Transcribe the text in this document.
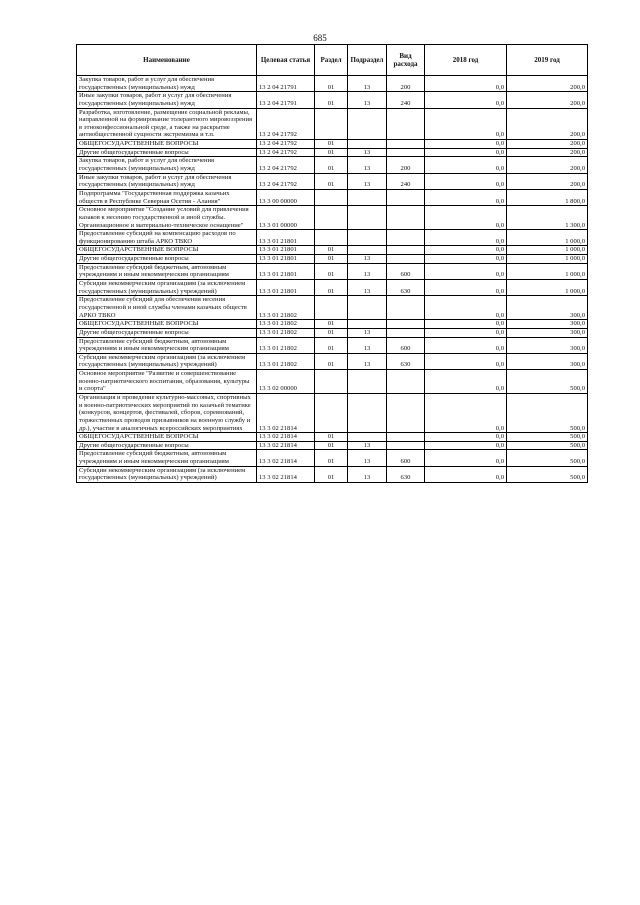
685
Наименование	Целевая статья	Раздел	Подраздел	Вид расхода	2018 год	2019 год
Закупка товаров, работ и услуг для обеспечения государственных (муниципальных) нужд	13 2 04 21791	01	13	200	0,0	200,0
Иные закупки товаров, работ и услуг для обеспечения государственных (муниципальных) нужд	13 2 04 21791	01	13	240	0,0	200,0
Разработка, изготовление, размещение социальной рекламы, направленной на формирование толерантного мировоззрения в этноконфессиональной среде, а также на раскрытие антиобщественной сущности экстремизма и т.п.	13 2 04 21792				0,0	200,0
ОБЩЕГОСУДАРСТВЕННЫЕ ВОПРОСЫ	13 2 04 21792	01			0,0	200,0
Другие общегосударственные вопросы	13 2 04 21792	01	13		0,0	200,0
Закупка товаров, работ и услуг для обеспечения государственных (муниципальных) нужд	13 2 04 21792	01	13	200	0,0	200,0
Иные закупки товаров, работ и услуг для обеспечения государственных (муниципальных) нужд	13 2 04 21792	01	13	240	0,0	200,0
Подпрограмма "Государственная поддержка казачьих обществ в Республике Северная Осетия - Алания"	13 3 00 00000				0,0	1 800,0
Основное мероприятие "Создание условий для привлечения казаков к несению государственной и иной службы. Организационное и материально-техническое оснащение"	13 3 01 00000				0,0	1 300,0
Предоставление субсидий на компенсацию расходов по функционированию штаба АРКО ТВКО	13 3 01 21801				0,0	1 000,0
ОБЩЕГОСУДАРСТВЕННЫЕ ВОПРОСЫ	13 3 01 21801	01			0,0	1 000,0
Другие общегосударственные вопросы	13 3 01 21801	01	13		0,0	1 000,0
Предоставление субсидий бюджетным, автономным учреждениям и иным некоммерческим организациям	13 3 01 21801	01	13	600	0,0	1 000,0
Субсидии некоммерческим организациям (за исключением государственных (муниципальных) учреждений)	13 3 01 21801	01	13	630	0,0	1 000,0
Предоставление субсидий для обеспечения несения государственной и иной службы членами казачьих обществ АРКО ТВКО	13 3 01 21802				0,0	300,0
ОБЩЕГОСУДАРСТВЕННЫЕ ВОПРОСЫ	13 3 01 21802	01			0,0	300,0
Другие общегосударственные вопросы	13 3 01 21802	01	13		0,0	300,0
Предоставление субсидий бюджетным, автономным учреждениям и иным некоммерческим организациям	13 3 01 21802	01	13	600	0,0	300,0
Субсидии некоммерческим организациям (за исключением государственных (муниципальных) учреждений)	13 3 01 21802	01	13	630	0,0	300,0
Основное мероприятие "Развитие и совершенствование военно-патриотического воспитания, образования, культуры и спорта"	13 3 02 00000				0,0	500,0
Организация и проведение культурно-массовых, спортивных и военно-патриотических мероприятий по казачьей тематике (конкурсов, концертов, фестивалей, сборов, соревнований, торжественных проводов призывников на военную службу и др.), участие в аналогичных всероссийских мероприятиях	13 3 02 21814				0,0	500,0
ОБЩЕГОСУДАРСТВЕННЫЕ ВОПРОСЫ	13 3 02 21814	01			0,0	500,0
Другие общегосударственные вопросы	13 3 02 21814	01	13		0,0	500,0
Предоставление субсидий бюджетным, автономным учреждениям и иным некоммерческим организациям	13 3 02 21814	01	13	600	0,0	500,0
Субсидии некоммерческим организациям (за исключением государственных (муниципальных) учреждений)	13 3 02 21814	01	13	630	0,0	500,0
